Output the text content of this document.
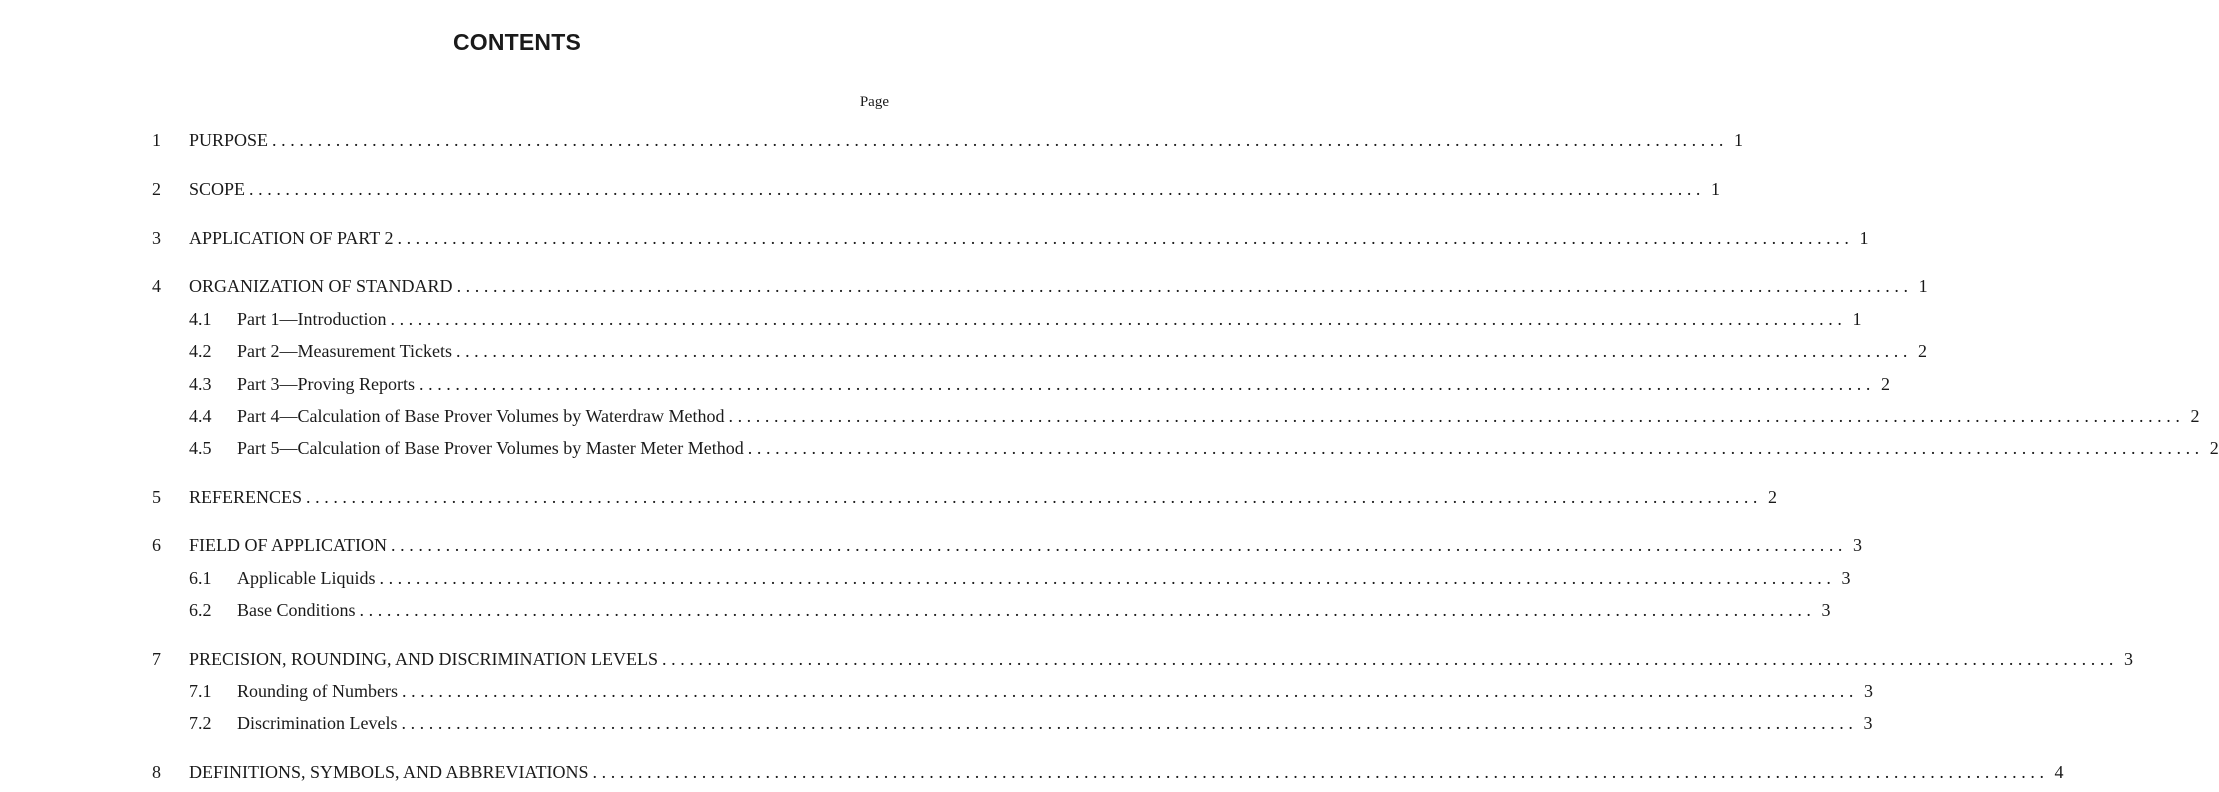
CONTENTS
Page
1 PURPOSE ................................................................................................................................................................ 1
2 SCOPE ................................................................................................................................................................ 1
3 APPLICATION OF PART 2 ................................................................................................................................................................ 1
4 ORGANIZATION OF STANDARD ................................................................................................................................................................ 1
4.1 Part 1—Introduction ................................................................................................................................................................ 1
4.2 Part 2—Measurement Tickets ................................................................................................................................................................ 2
4.3 Part 3—Proving Reports ................................................................................................................................................................ 2
4.4 Part 4—Calculation of Base Prover Volumes by Waterdraw Method ................................................................................................................................................................ 2
4.5 Part 5—Calculation of Base Prover Volumes by Master Meter Method ................................................................................................................................................................ 2
5 REFERENCES ................................................................................................................................................................ 2
6 FIELD OF APPLICATION ................................................................................................................................................................ 3
6.1 Applicable Liquids ................................................................................................................................................................ 3
6.2 Base Conditions ................................................................................................................................................................ 3
7 PRECISION, ROUNDING, AND DISCRIMINATION LEVELS ................................................................................................................................................................ 3
7.1 Rounding of Numbers ................................................................................................................................................................ 3
7.2 Discrimination Levels ................................................................................................................................................................ 3
8 DEFINITIONS, SYMBOLS, AND ABBREVIATIONS ................................................................................................................................................................ 4
